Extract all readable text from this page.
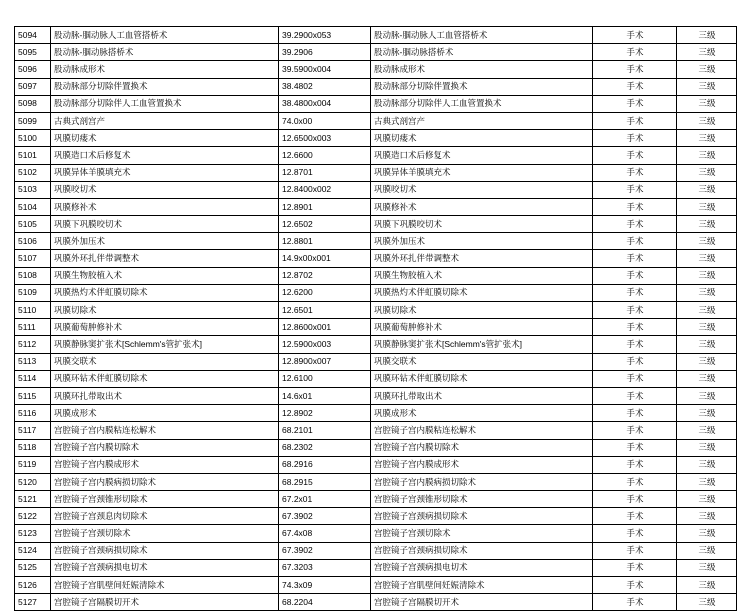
5094	股动脉-腘动脉人工血管搭桥术	39.2900x053	股动脉-腘动脉人工血管搭桥术	手术	三级
5095	股动脉-腘动脉搭桥术	39.2906	股动脉-腘动脉搭桥术	手术	三级
5096	股动脉成形术	39.5900x004	股动脉成形术	手术	三级
5097	股动脉部分切除伴置换术	38.4802	股动脉部分切除伴置换术	手术	三级
5098	股动脉部分切除伴人工血管置换术	38.4800x004	股动脉部分切除伴人工血管置换术	手术	三级
5099	古典式剖宫产	74.0x00	古典式剖宫产	手术	三级
5100	巩膜切瘘术	12.6500x003	巩膜切瘘术	手术	三级
5101	巩膜造口术后修复术	12.6600	巩膜造口术后修复术	手术	三级
5102	巩膜异体羊膜填充术	12.8701	巩膜异体羊膜填充术	手术	三级
5103	巩膜咬切术	12.8400x002	巩膜咬切术	手术	三级
5104	巩膜修补术	12.8901	巩膜修补术	手术	三级
5105	巩膜下巩膜咬切术	12.6502	巩膜下巩膜咬切术	手术	三级
5106	巩膜外加压术	12.8801	巩膜外加压术	手术	三级
5107	巩膜外环扎伴带调整术	14.9x00x001	巩膜外环扎伴带调整术	手术	三级
5108	巩膜生物胶植入术	12.8702	巩膜生物胶植入术	手术	三级
5109	巩膜热灼术伴虹膜切除术	12.6200	巩膜热灼术伴虹膜切除术	手术	三级
5110	巩膜切除术	12.6501	巩膜切除术	手术	三级
5111	巩膜葡萄肿修补术	12.8600x001	巩膜葡萄肿修补术	手术	三级
5112	巩膜静脉窦扩张术[Schlemm's管扩张术]	12.5900x003	巩膜静脉窦扩张术[Schlemm's管扩张术]	手术	三级
5113	巩膜交联术	12.8900x007	巩膜交联术	手术	三级
5114	巩膜环钻术伴虹膜切除术	12.6100	巩膜环钻术伴虹膜切除术	手术	三级
5115	巩膜环扎带取出术	14.6x01	巩膜环扎带取出术	手术	三级
5116	巩膜成形术	12.8902	巩膜成形术	手术	三级
5117	宫腔镜子宫内膜粘连松解术	68.2101	宫腔镜子宫内膜粘连松解术	手术	三级
5118	宫腔镜子宫内膜切除术	68.2302	宫腔镜子宫内膜切除术	手术	三级
5119	宫腔镜子宫内膜成形术	68.2916	宫腔镜子宫内膜成形术	手术	三级
5120	宫腔镜子宫内膜病损切除术	68.2915	宫腔镜子宫内膜病损切除术	手术	三级
5121	宫腔镜子宫颈锥形切除术	67.2x01	宫腔镜子宫颈锥形切除术	手术	三级
5122	宫腔镜子宫颈息肉切除术	67.3902	宫腔镜子宫颈病损切除术	手术	三级
5123	宫腔镜子宫颈切除术	67.4x08	宫腔镜子宫颈切除术	手术	三级
5124	宫腔镜子宫颈病损切除术	67.3902	宫腔镜子宫颈病损切除术	手术	三级
5125	宫腔镜子宫颈病损电切术	67.3203	宫腔镜子宫颈病损电切术	手术	三级
5126	宫腔镜子宫肌壁间妊娠清除术	74.3x09	宫腔镜子宫肌壁间妊娠清除术	手术	三级
5127	宫腔镜子宫隔膜切开术	68.2204	宫腔镜子宫隔膜切开术	手术	三级
